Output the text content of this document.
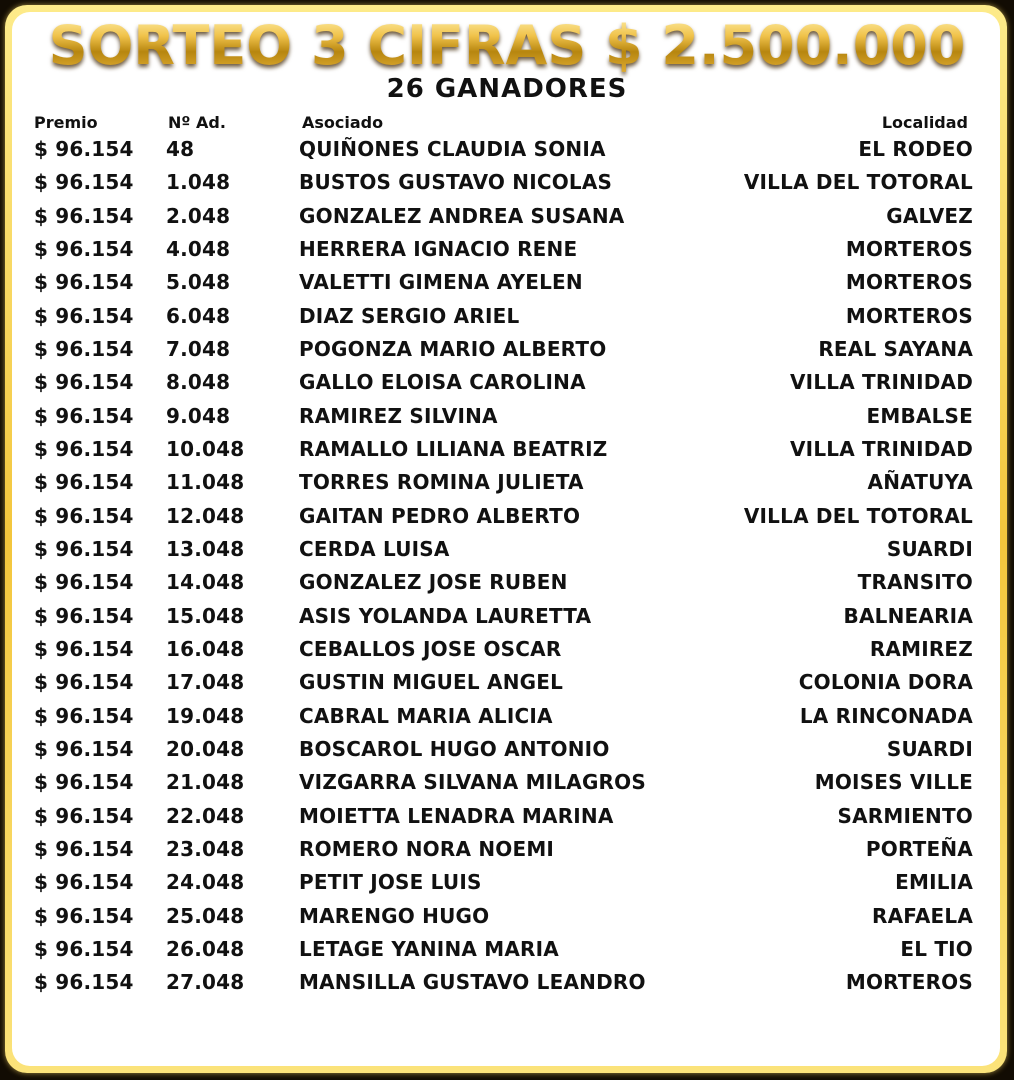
SORTEO 3 CIFRAS $ 2.500.000
26 GANADORES
Premio	Nº Ad.	Asociado	Localidad
$ 96.154 48	QUIÑONES CLAUDIA SONIA	EL RODEO
$ 96.154 1.048	BUSTOS GUSTAVO NICOLAS	VILLA DEL TOTORAL
$ 96.154 2.048	GONZALEZ ANDREA SUSANA	GALVEZ
$ 96.154 4.048	HERRERA IGNACIO RENE	MORTEROS
$ 96.154 5.048	VALETTI GIMENA AYELEN	MORTEROS
$ 96.154 6.048	DIAZ SERGIO ARIEL	MORTEROS
$ 96.154 7.048	POGONZA MARIO ALBERTO	REAL SAYANA
$ 96.154 8.048	GALLO ELOISA CAROLINA	VILLA TRINIDAD
$ 96.154 9.048	RAMIREZ SILVINA	EMBALSE
$ 96.154 10.048	RAMALLO LILIANA BEATRIZ	VILLA TRINIDAD
$ 96.154 11.048	TORRES ROMINA JULIETA	AÑATUYA
$ 96.154 12.048	GAITAN PEDRO ALBERTO	VILLA DEL TOTORAL
$ 96.154 13.048	CERDA LUISA	SUARDI
$ 96.154 14.048	GONZALEZ JOSE RUBEN	TRANSITO
$ 96.154 15.048	ASIS YOLANDA LAURETTA	BALNEARIA
$ 96.154 16.048	CEBALLOS JOSE OSCAR	RAMIREZ
$ 96.154 17.048	GUSTIN MIGUEL ANGEL	COLONIA DORA
$ 96.154 19.048	CABRAL MARIA ALICIA	LA RINCONADA
$ 96.154 20.048	BOSCAROL HUGO ANTONIO	SUARDI
$ 96.154 21.048	VIZGARRA SILVANA MILAGROS	MOISES VILLE
$ 96.154 22.048	MOIETTA LENADRA MARINA	SARMIENTO
$ 96.154 23.048	ROMERO NORA NOEMI	PORTEÑA
$ 96.154 24.048	PETIT JOSE LUIS	EMILIA
$ 96.154 25.048	MARENGO HUGO	RAFAELA
$ 96.154 26.048	LETAGE YANINA MARIA	EL TIO
$ 96.154 27.048	MANSILLA GUSTAVO LEANDRO	MORTEROS
